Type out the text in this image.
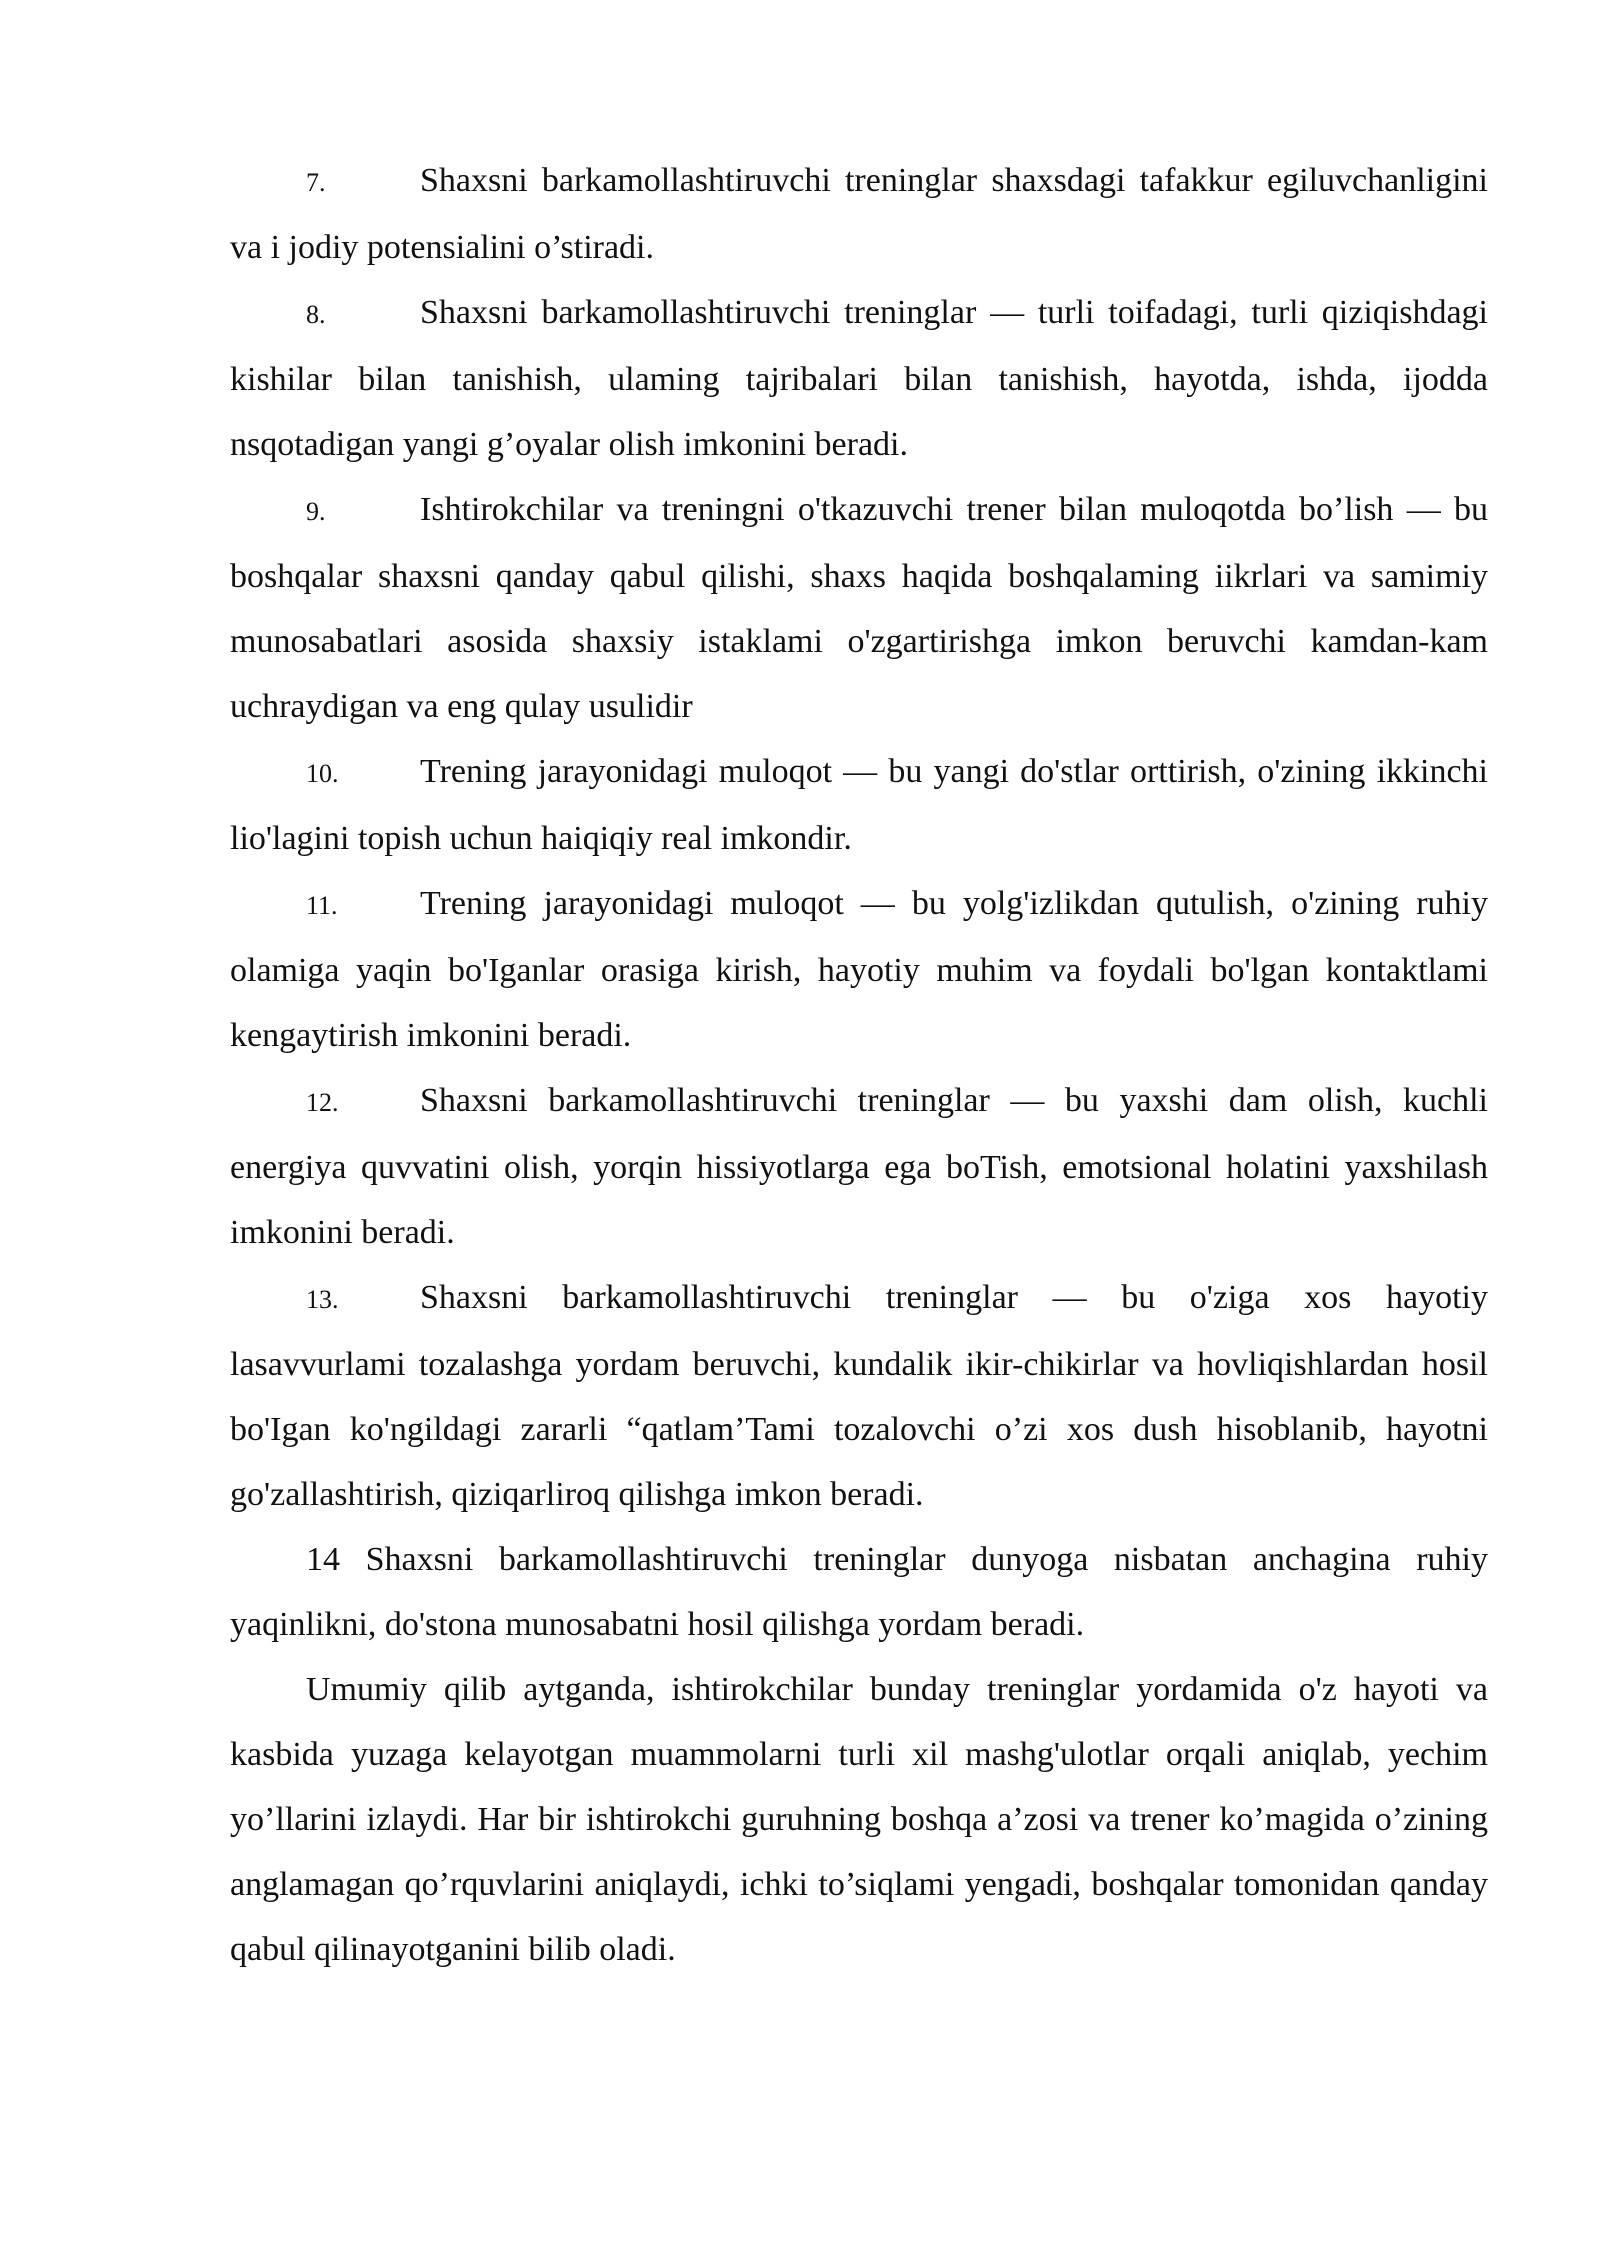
7.	Shaxsni barkamollashtiruvchi treninglar shaxsdagi tafakkur egiluvchanligini va i jodiy potensialini o’stiradi.

8.	Shaxsni barkamollashtiruvchi treninglar — turli toifadagi, turli qiziqishdagi kishilar bilan tanishish, ulaming tajribalari bilan tanishish, hayotda, ishda, ijodda nsqotadigan yangi g’oyalar olish imkonini beradi.

9.	Ishtirokchilar va treningni o'tkazuvchi trener bilan muloqotda bo’lish — bu boshqalar shaxsni qanday qabul qilishi, shaxs haqida boshqalaming iikrlari va samimiy munosabatlari asosida shaxsiy istaklami o'zgartirishga imkon beruvchi kamdan-kam uchraydigan va eng qulay usulidir

10. Trening jarayonidagi muloqot — bu yangi do'stlar orttirish, o'zining ikkinchi lio'lagini topish uchun haiqiqiy real imkondir.

11. Trening jarayonidagi muloqot — bu yolg'izlikdan qutulish, o'zining ruhiy olamiga yaqin bo'Iganlar orasiga kirish, hayotiy muhim va foydali bo'lgan kontaktlami kengaytirish imkonini beradi.

12. Shaxsni barkamollashtiruvchi treninglar — bu yaxshi dam olish, kuchli energiya quvvatini olish, yorqin hissiyotlarga ega boTish, emotsional holatini yaxshilash imkonini beradi.

13. Shaxsni barkamollashtiruvchi treninglar — bu o'ziga xos hayotiy lasavvurlami tozalashga yordam beruvchi, kundalik ikir-chikirlar va hovliqishlardan hosil bo'Igan ko'ngildagi zararli “qatlam’Tami tozalovchi o’zi xos dush hisoblanib, hayotni go'zallashtirish, qiziqarliroq qilishga imkon beradi.

14 Shaxsni barkamollashtiruvchi treninglar dunyoga nisbatan anchagina ruhiy yaqinlikni, do'stona munosabatni hosil qilishga yordam beradi.

Umumiy qilib aytganda, ishtirokchilar bunday treninglar yordamida o'z hayoti va kasbida yuzaga kelayotgan muammolarni turli xil mashg'ulotlar orqali aniqlab, yechim yo’llarini izlaydi. Har bir ishtirokchi guruhning boshqa a’zosi va trener ko’magida o’zining anglamagan qo’rquvlarini aniqlaydi, ichki to’siqlami yengadi, boshqalar tomonidan qanday qabul qilinayotganini bilib oladi.
